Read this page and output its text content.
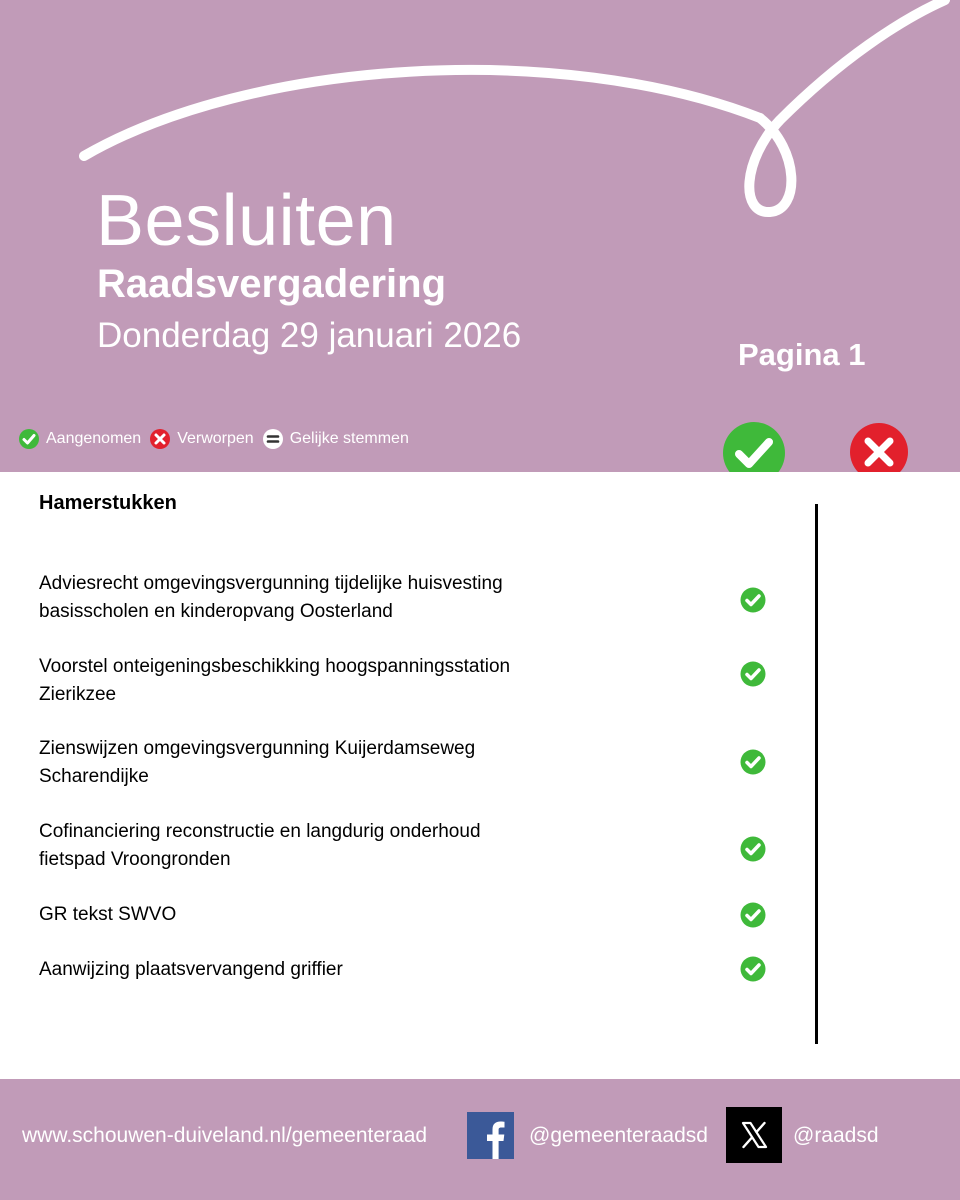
Besluiten
Raadsvergadering
Donderdag 29 januari 2026	Pagina 1
Aangenomen Verworpen Gelijke stemmen
Hamerstukken
Adviesrecht omgevingsvergunning tijdelijke huisvesting
basisscholen en kinderopvang Oosterland
Voorstel onteigeningsbeschikking hoogspanningsstation
Zierikzee
Zienswijzen omgevingsvergunning Kuijerdamseweg
Scharendijke
Cofinanciering reconstructie en langdurig onderhoud
fietspad Vroongronden
GR tekst SWVO
Aanwijzing plaatsvervangend griffier
www.schouwen-duiveland.nl/gemeenteraad	@gemeenteraadsd	@raadsd
